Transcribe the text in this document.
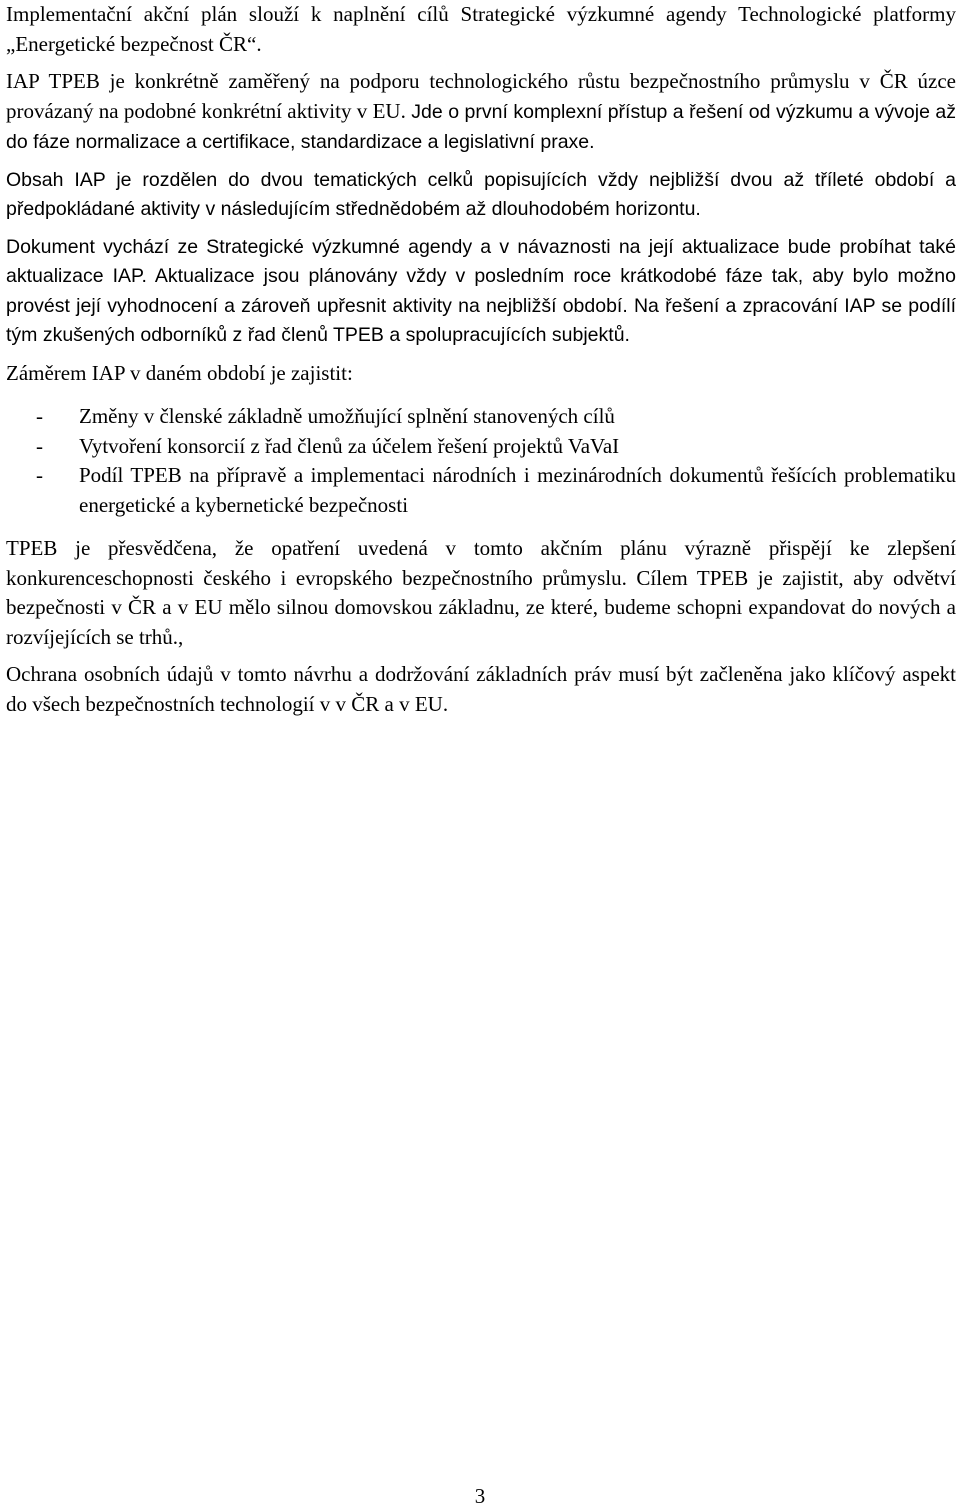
Implementační akční plán slouží k naplnění cílů Strategické výzkumné agendy Technologické platformy „Energetické bezpečnost ČR“.

IAP TPEB je konkrétně zaměřený na podporu technologického růstu bezpečnostního průmyslu v ČR úzce provázaný na podobné konkrétní aktivity v EU. Jde o první komplexní přístup a řešení od výzkumu a vývoje až do fáze normalizace a certifikace, standardizace a legislativní praxe.

Obsah IAP je rozdělen do dvou tematických celků popisujících vždy nejbližší dvou až tříleté období a předpokládané aktivity v následujícím střednědobém až dlouhodobém horizontu.

Dokument vychází ze Strategické výzkumné agendy a v návaznosti na její aktualizace bude probíhat také aktualizace IAP. Aktualizace jsou plánovány vždy v posledním roce krátkodobé fáze tak, aby bylo možno provést její vyhodnocení a zároveň upřesnit aktivity na nejbližší období. Na řešení a zpracování IAP se podílí tým zkušených odborníků z řad členů TPEB a spolupracujících subjektů.

Záměrem IAP v daném období je zajistit:

- Změny v členské základně umožňující splnění stanovených cílů
- Vytvoření konsorcií z řad členů za účelem řešení projektů VaVaI
- Podíl TPEB na přípravě a implementaci národních i mezinárodních dokumentů řešících problematiku energetické a kybernetické bezpečnosti

TPEB je přesvědčena, že opatření uvedená v tomto akčním plánu výrazně přispějí ke zlepšení konkurenceschopnosti českého i evropského bezpečnostního průmyslu. Cílem TPEB je zajistit, aby odvětví bezpečnosti v ČR a v EU mělo silnou domovskou základnu, ze které, budeme schopni expandovat do nových a rozvíjejících se trhů.,

Ochrana osobních údajů v tomto návrhu a dodržování základních práv musí být začleněna jako klíčový aspekt do všech bezpečnostních technologií v v ČR a v EU.

3
